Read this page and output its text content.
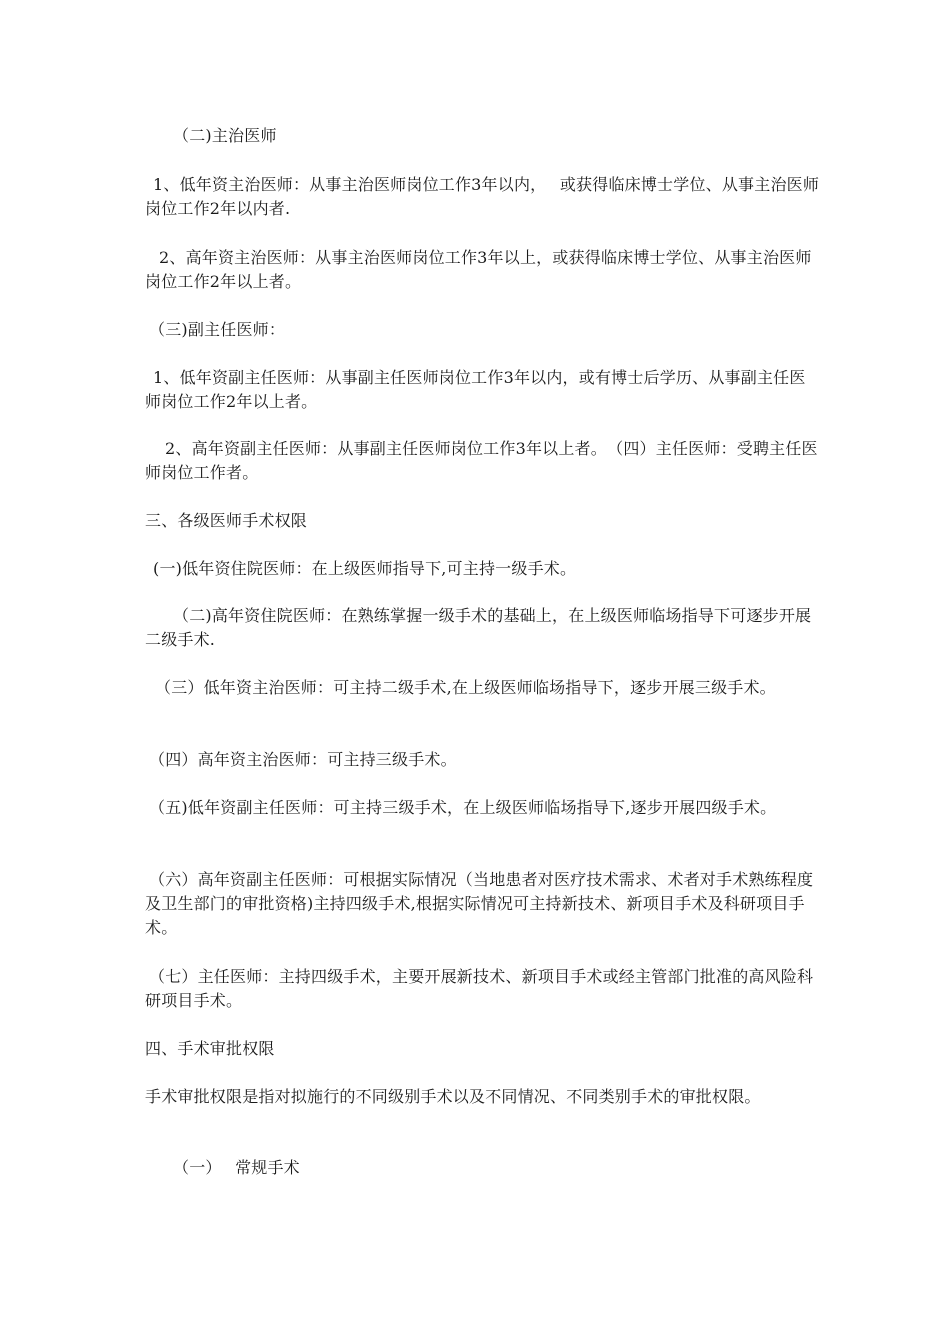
（二)主治医师

1、低年资主治医师：从事主治医师岗位工作3年以内，　 或获得临床博士学位、从事主治医师岗位工作2年以内者.

2、高年资主治医师：从事主治医师岗位工作3年以上，或获得临床博士学位、从事主治医师岗位工作2年以上者。

（三)副主任医师：

1、低年资副主任医师：从事副主任医师岗位工作3年以内，或有博士后学历、从事副主任医师岗位工作2年以上者。

2、高年资副主任医师：从事副主任医师岗位工作3年以上者。　（四）主任医师：受聘主任医师岗位工作者。

三、各级医师手术权限

(一)低年资住院医师：在上级医师指导下,可主持一级手术。

（二)高年资住院医师：在熟练掌握一级手术的基础上，在上级医师临场指导下可逐步开展二级手术.

（三）低年资主治医师：可主持二级手术,在上级医师临场指导下，逐步开展三级手术。

（四）高年资主治医师：可主持三级手术。

（五)低年资副主任医师：可主持三级手术，在上级医师临场指导下,逐步开展四级手术。

（六）高年资副主任医师：可根据实际情况（当地患者对医疗技术需求、术者对手术熟练程度及卫生部门的审批资格)主持四级手术,根据实际情况可主持新技术、新项目手术及科研项目手术。

（七）主任医师：主持四级手术，主要开展新技术、新项目手术或经主管部门批准的高风险科研项目手术。

四、手术审批权限

手术审批权限是指对拟施行的不同级别手术以及不同情况、不同类别手术的审批权限。

（一）　 常规手术
